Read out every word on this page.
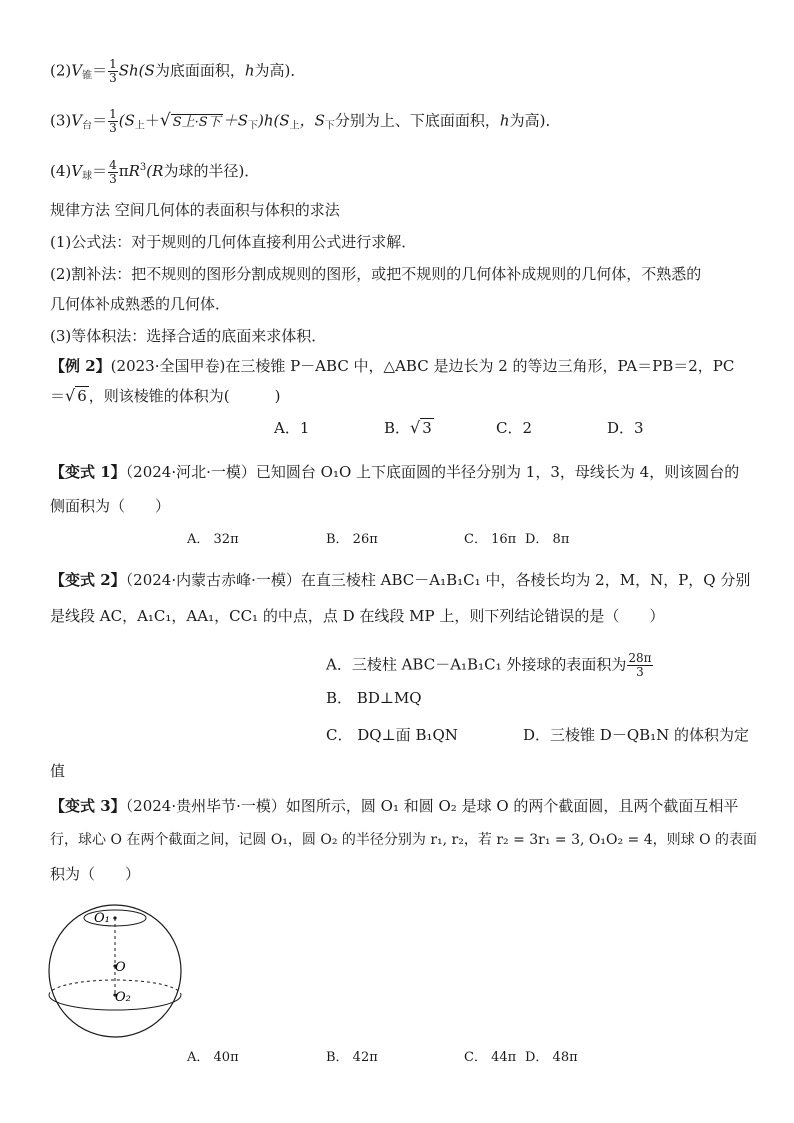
$(2)V_锥= \frac{1}{3} Sh(S$为底面面积，h为高)．
$(3)V_台= \frac{1}{3} (S_上+√$ S上·S下 $+S_下)h(S_上$，$S_下$分别为上、下底面面积，h为高)．
$(4)V_球= \frac{4}{3} \pi R^3(R$为球的半径)．
规律方法 空间几何体的表面积与体积的求法
(1)公式法：对于规则的几何体直接利用公式进行求解．
(2)割补法：把不规则的图形分割成规则的图形，或把不规则的几何体补成规则的几何体，不熟悉的
几何体补成熟悉的几何体．
(3)等体积法：选择合适的底面来求体积．
【例 2】(2023·全国甲卷)在三棱锥 P－ABC 中，△ABC 是边长为 2 的等边三角形，PA＝PB＝2，PC
＝√ 6 ，则该棱锥的体积为(　　　)
A．1	B．√ 3	C．2	D．3
【变式 1】（2024·河北·一模）已知圆台 O₁O 上下底面圆的半径分别为 1，3，母线长为 4，则该圆台的
侧面积为（　　）
A． 32π	B． 26π	C． 16π D． 8π
【变式 2】（2024·内蒙古赤峰·一模）在直三棱柱 ABC－A₁B₁C₁ 中，各棱长均为 2，M，N，P，Q 分别
是线段 AC，A₁C₁，AA₁，CC₁ 的中点，点 D 在线段 MP 上，则下列结论错误的是（　　）
A．三棱柱 ABC－A₁B₁C₁ 外接球的表面积为 $\frac{28\pi}{3}$
B． BD⊥MQ
C． DQ⊥面 B₁QN	D．三棱锥 D－QB₁N 的体积为定
值
【变式 3】（2024·贵州毕节·一模）如图所示，圆 O₁ 和圆 O₂ 是球 O 的两个截面圆，且两个截面互相平
行，球心 O 在两个截面之间，记圆 O₁，圆 O₂ 的半径分别为 r₁, r₂，若 r₂ = 3r₁ = 3, O₁O₂ = 4，则球 O 的表面
积为（　　）
O₁
O
O₂
A． 40π	B． 42π	C． 44π D． 48π
